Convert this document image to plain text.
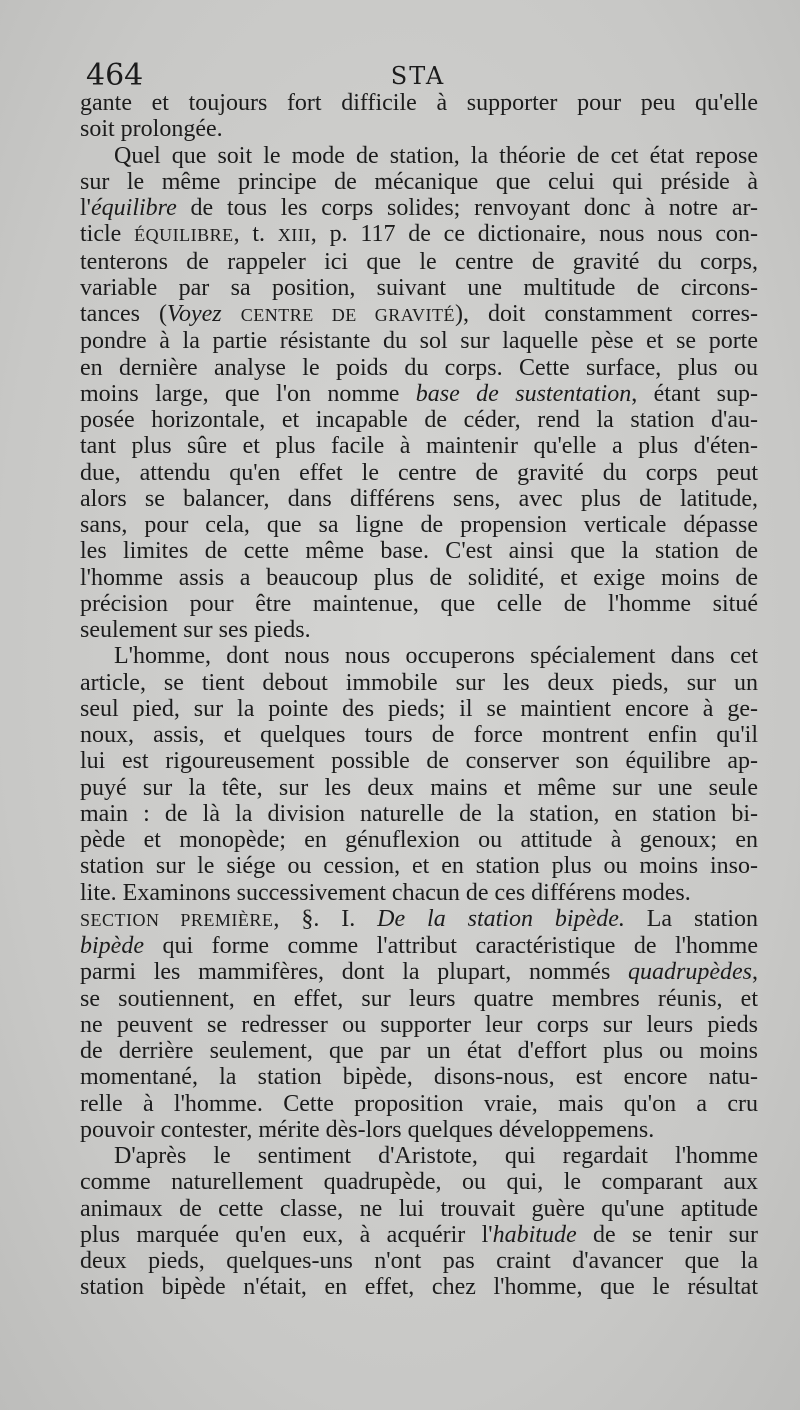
464	STA
gante et toujours fort difficile à supporter pour peu qu'elle
soit prolongée.
Quel que soit le mode de station, la théorie de cet état repose
sur le même principe de mécanique que celui qui préside à
l'équilibre de tous les corps solides; renvoyant donc à notre ar-
ticle ÉQUILIBRE, t. XIII, p. 117 de ce dictionaire, nous nous con-
tenterons de rappeler ici que le centre de gravité du corps,
variable par sa position, suivant une multitude de circons-
tances (Voyez CENTRE DE GRAVITÉ), doit constamment corres-
pondre à la partie résistante du sol sur laquelle pèse et se porte
en dernière analyse le poids du corps. Cette surface, plus ou
moins large, que l'on nomme base de sustentation, étant sup-
posée horizontale, et incapable de céder, rend la station d'au-
tant plus sûre et plus facile à maintenir qu'elle a plus d'éten-
due, attendu qu'en effet le centre de gravité du corps peut
alors se balancer, dans différens sens, avec plus de latitude,
sans, pour cela, que sa ligne de propension verticale dépasse
les limites de cette même base. C'est ainsi que la station de
l'homme assis a beaucoup plus de solidité, et exige moins de
précision pour être maintenue, que celle de l'homme situé
seulement sur ses pieds.
L'homme, dont nous nous occuperons spécialement dans cet
article, se tient debout immobile sur les deux pieds, sur un
seul pied, sur la pointe des pieds; il se maintient encore à ge-
noux, assis, et quelques tours de force montrent enfin qu'il
lui est rigoureusement possible de conserver son équilibre ap-
puyé sur la tête, sur les deux mains et même sur une seule
main : de là la division naturelle de la station, en station bi-
pède et monopède; en génuflexion ou attitude à genoux; en
station sur le siége ou cession, et en station plus ou moins inso-
lite. Examinons successivement chacun de ces différens modes.
SECTION PREMIÈRE, §. I. De la station bipède. La station
bipède qui forme comme l'attribut caractéristique de l'homme
parmi les mammifères, dont la plupart, nommés quadrupèdes,
se soutiennent, en effet, sur leurs quatre membres réunis, et
ne peuvent se redresser ou supporter leur corps sur leurs pieds
de derrière seulement, que par un état d'effort plus ou moins
momentané, la station bipède, disons-nous, est encore natu-
relle à l'homme. Cette proposition vraie, mais qu'on a cru
pouvoir contester, mérite dès-lors quelques développemens.
D'après le sentiment d'Aristote, qui regardait l'homme
comme naturellement quadrupède, ou qui, le comparant aux
animaux de cette classe, ne lui trouvait guère qu'une aptitude
plus marquée qu'en eux, à acquérir l'habitude de se tenir sur
deux pieds, quelques-uns n'ont pas craint d'avancer que la
station bipède n'était, en effet, chez l'homme, que le résultat
